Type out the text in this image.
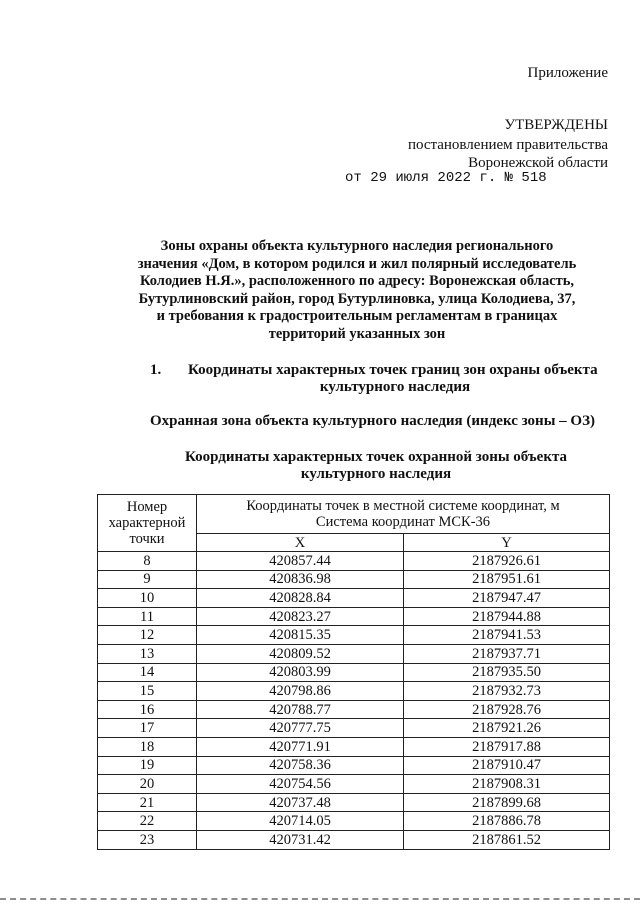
Приложение
УТВЕРЖДЕНЫ
постановлением правительства
Воронежской области
от 29 июля 2022 г. № 518
Зоны охраны объекта культурного наследия регионального
значения «Дом, в котором родился и жил полярный исследователь
Колодиев Н.Я.», расположенного по адресу: Воронежская область,
Бутурлиновский район, город Бутурлиновка, улица Колодиева, 37,
и требования к градостроительным регламентам в границах
территорий указанных зон
1. Координаты характерных точек границ зон охраны объекта
культурного наследия
Охранная зона объекта культурного наследия (индекс зоны – ОЗ)
Координаты характерных точек охранной зоны объекта
культурного наследия
Номер характерной точки	Координаты точек в местной системе координат, м
Система координат МСК-36	

	X	Y
8	420857.44	2187926.61
9	420836.98	2187951.61
10	420828.84	2187947.47
11	420823.27	2187944.88
12	420815.35	2187941.53
13	420809.52	2187937.71
14	420803.99	2187935.50
15	420798.86	2187932.73
16	420788.77	2187928.76
17	420777.75	2187921.26
18	420771.91	2187917.88
19	420758.36	2187910.47
20	420754.56	2187908.31
21	420737.48	2187899.68
22	420714.05	2187886.78
23	420731.42	2187861.52
